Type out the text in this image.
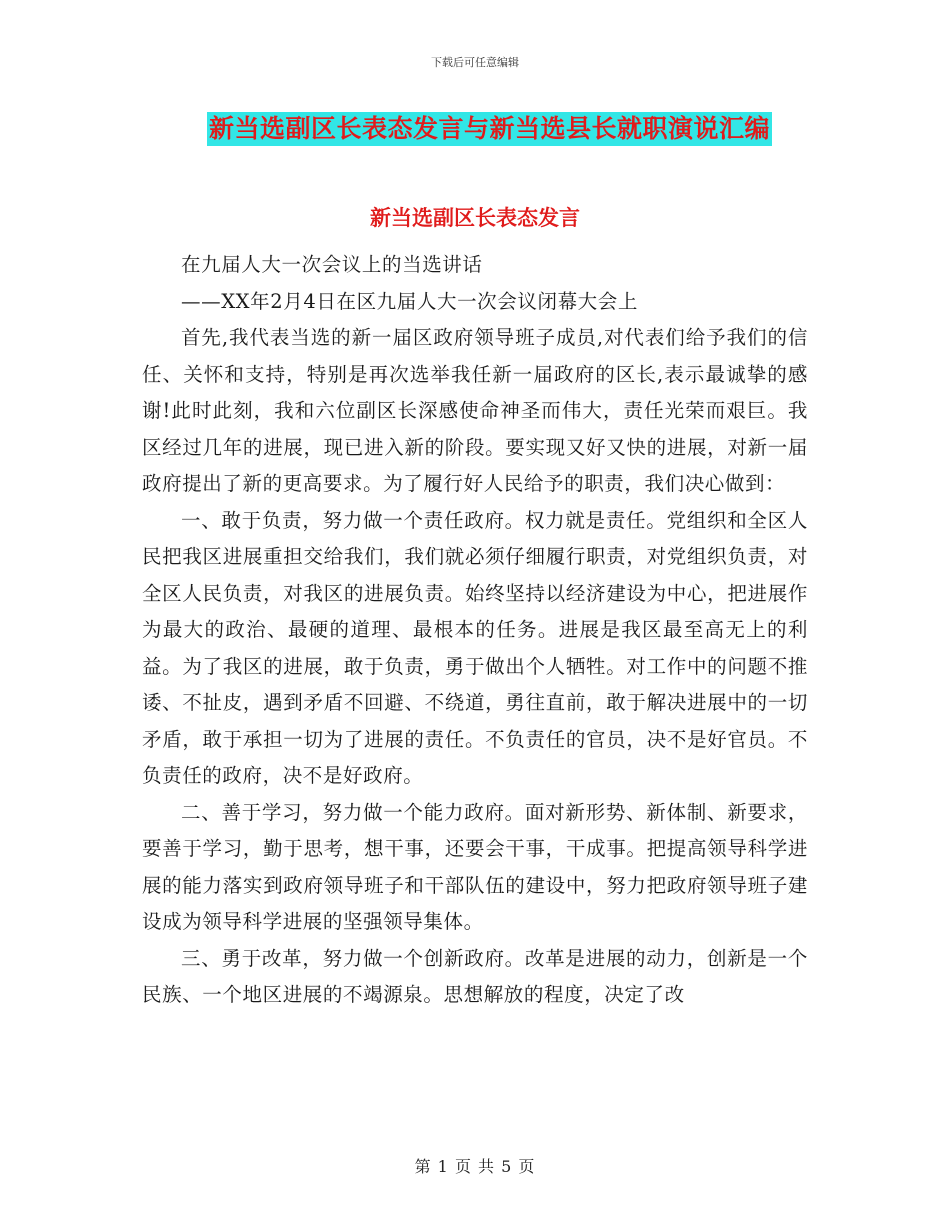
下载后可任意编辑
新当选副区长表态发言与新当选县长就职演说汇编
新当选副区长表态发言

在九届人大一次会议上的当选讲话

——XX年2月4日在区九届人大一次会议闭幕大会上

首先,我代表当选的新一届区政府领导班子成员,对代表们给予我们的信任、关怀和支持，特别是再次选举我任新一届政府的区长,表示最诚挚的感谢!此时此刻，我和六位副区长深感使命神圣而伟大，责任光荣而艰巨。我区经过几年的进展，现已进入新的阶段。要实现又好又快的进展，对新一届政府提出了新的更高要求。为了履行好人民给予的职责，我们决心做到：

一、敢于负责，努力做一个责任政府。权力就是责任。党组织和全区人民把我区进展重担交给我们，我们就必须仔细履行职责，对党组织负责，对全区人民负责，对我区的进展负责。始终坚持以经济建设为中心，把进展作为最大的政治、最硬的道理、最根本的任务。进展是我区最至高无上的利益。为了我区的进展，敢于负责，勇于做出个人牺牲。对工作中的问题不推诿、不扯皮，遇到矛盾不回避、不绕道，勇往直前，敢于解决进展中的一切矛盾，敢于承担一切为了进展的责任。不负责任的官员，决不是好官员。不负责任的政府，决不是好政府。

二、善于学习，努力做一个能力政府。面对新形势、新体制、新要求，要善于学习，勤于思考，想干事，还要会干事，干成事。把提高领导科学进展的能力落实到政府领导班子和干部队伍的建设中，努力把政府领导班子建设成为领导科学进展的坚强领导集体。

三、勇于改革，努力做一个创新政府。改革是进展的动力，创新是一个民族、一个地区进展的不竭源泉。思想解放的程度，决定了改

第 1 页 共 5 页
